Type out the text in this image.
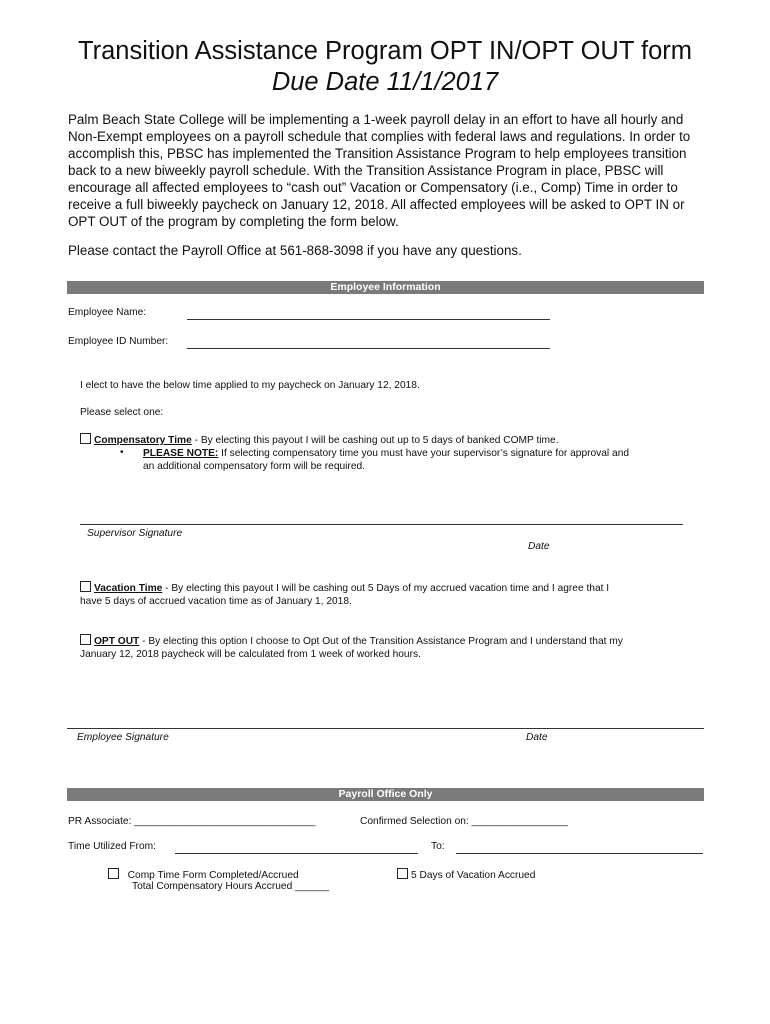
Transition Assistance Program OPT IN/OPT OUT form
Due Date 11/1/2017
Palm Beach State College will be implementing a 1-week payroll delay in an effort to have all hourly and Non-Exempt employees on a payroll schedule that complies with federal laws and regulations. In order to accomplish this, PBSC has implemented the Transition Assistance Program to help employees transition back to a new biweekly payroll schedule. With the Transition Assistance Program in place, PBSC will encourage all affected employees to “cash out” Vacation or Compensatory (i.e., Comp) Time in order to receive a full biweekly paycheck on January 12, 2018. All affected employees will be asked to OPT IN or OPT OUT of the program by completing the form below.
Please contact the Payroll Office at 561-868-3098 if you have any questions.
Employee Information
Employee Name:
Employee ID Number:
I elect to have the below time applied to my paycheck on January 12, 2018.
Please select one:
Compensatory Time - By electing this payout I will be cashing out up to 5 days of banked COMP time.
• PLEASE NOTE: If selecting compensatory time you must have your supervisor’s signature for approval and
an additional compensatory form will be required.
Supervisor Signature
Date
Vacation Time - By electing this payout I will be cashing out 5 Days of my accrued vacation time and I agree that I
have 5 days of accrued vacation time as of January 1, 2018.
OPT OUT - By electing this option I choose to Opt Out of the Transition Assistance Program and I understand that my
January 12, 2018 paycheck will be calculated from 1 week of worked hours.
Employee Signature	Date
Payroll Office Only
PR Associate: ________________________________	Confirmed Selection on: _________________
Time Utilized From:	To:
Comp Time Form Completed/Accrued
Total Compensatory Hours Accrued ______
5 Days of Vacation Accrued
